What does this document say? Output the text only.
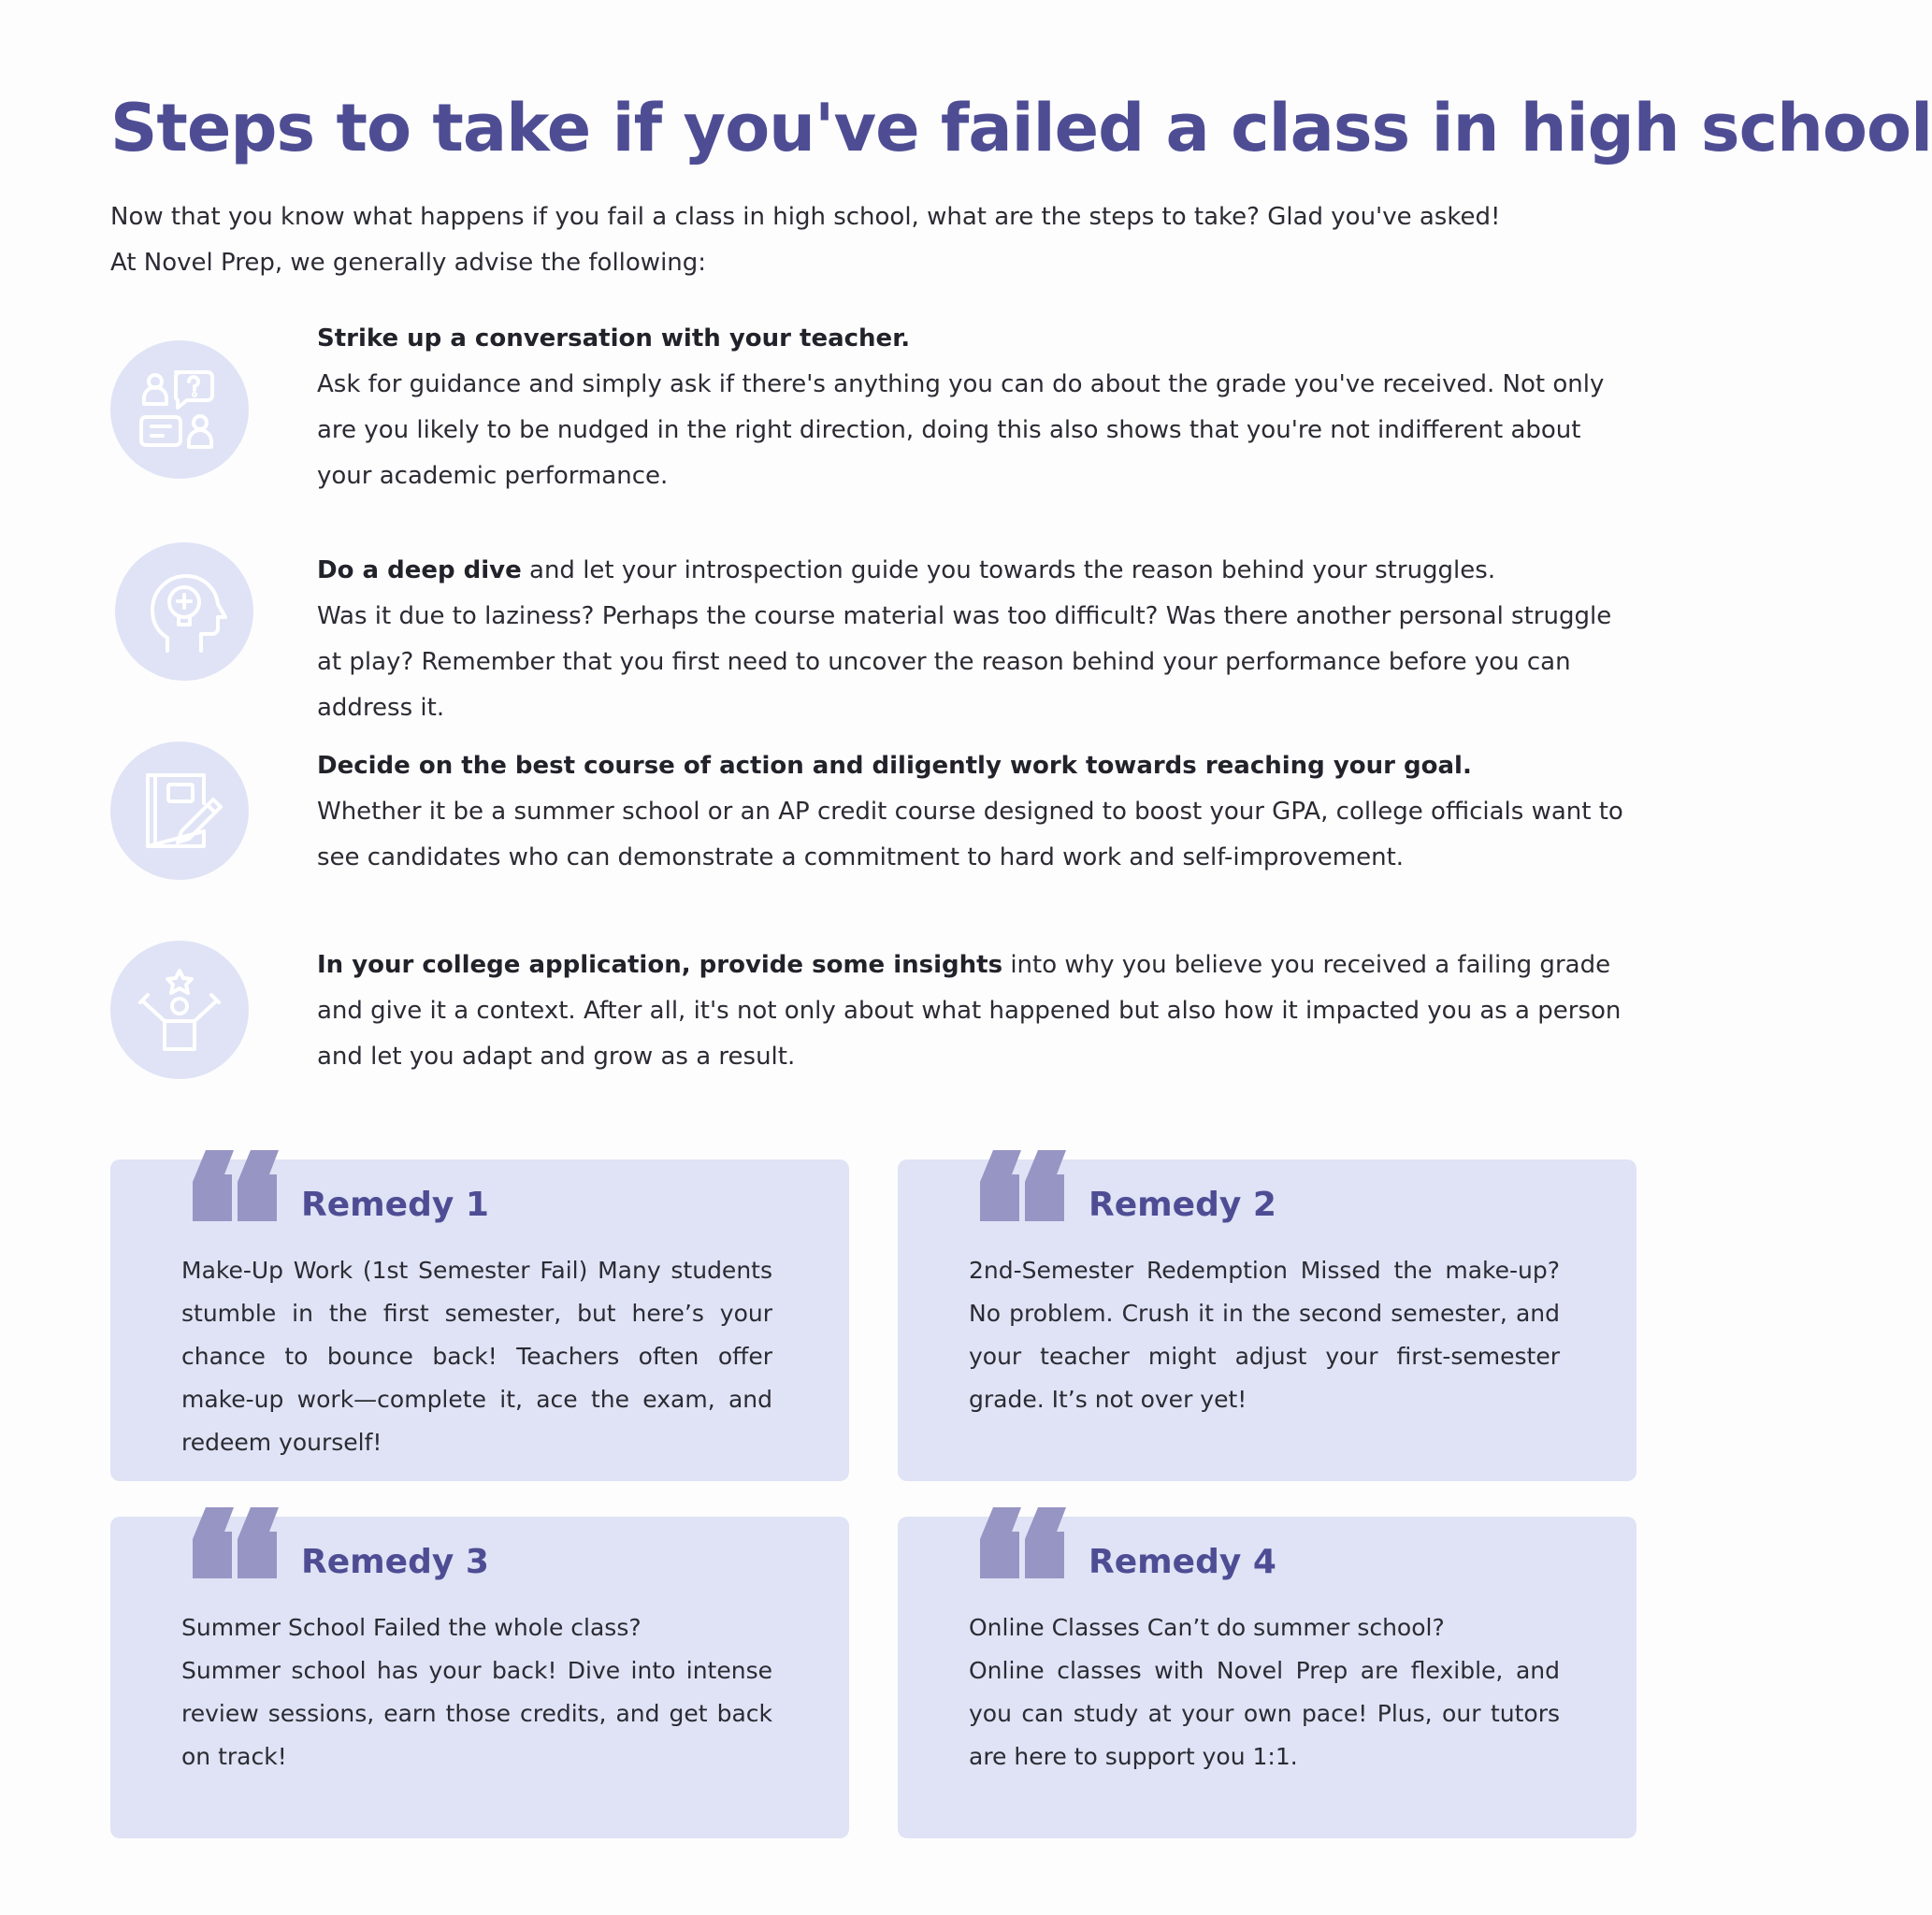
Steps to take if you've failed a class in high school
Now that you know what happens if you fail a class in high school, what are the steps to take? Glad you've asked!
At Novel Prep, we generally advise the following:
Strike up a conversation with your teacher.
Ask for guidance and simply ask if there's anything you can do about the grade you've received. Not only are you likely to be nudged in the right direction, doing this also shows that you're not indifferent about your academic performance.
Do a deep dive and let your introspection guide you towards the reason behind your struggles.
Was it due to laziness? Perhaps the course material was too difficult? Was there another personal struggle at play? Remember that you first need to uncover the reason behind your performance before you can address it.
Decide on the best course of action and diligently work towards reaching your goal.
Whether it be a summer school or an AP credit course designed to boost your GPA, college officials want to see candidates who can demonstrate a commitment to hard work and self-improvement.
In your college application, provide some insights into why you believe you received a failing grade and give it a context. After all, it's not only about what happened but also how it impacted you as a person and let you adapt and grow as a result.
Remedy 1
Make-Up Work (1st Semester Fail) Many students stumble in the first semester, but here’s your chance to bounce back! Teachers often offer make-up work—complete it, ace the exam, and redeem yourself!
Remedy 2
2nd-Semester Redemption Missed the make-up? No problem. Crush it in the second semester, and your teacher might adjust your first-semester grade. It’s not over yet!
Remedy 3
Summer School Failed the whole class?
Summer school has your back! Dive into intense review sessions, earn those credits, and get back on track!
Remedy 4
Online Classes Can’t do summer school?
Online classes with Novel Prep are flexible, and you can study at your own pace! Plus, our tutors are here to support you 1:1.
